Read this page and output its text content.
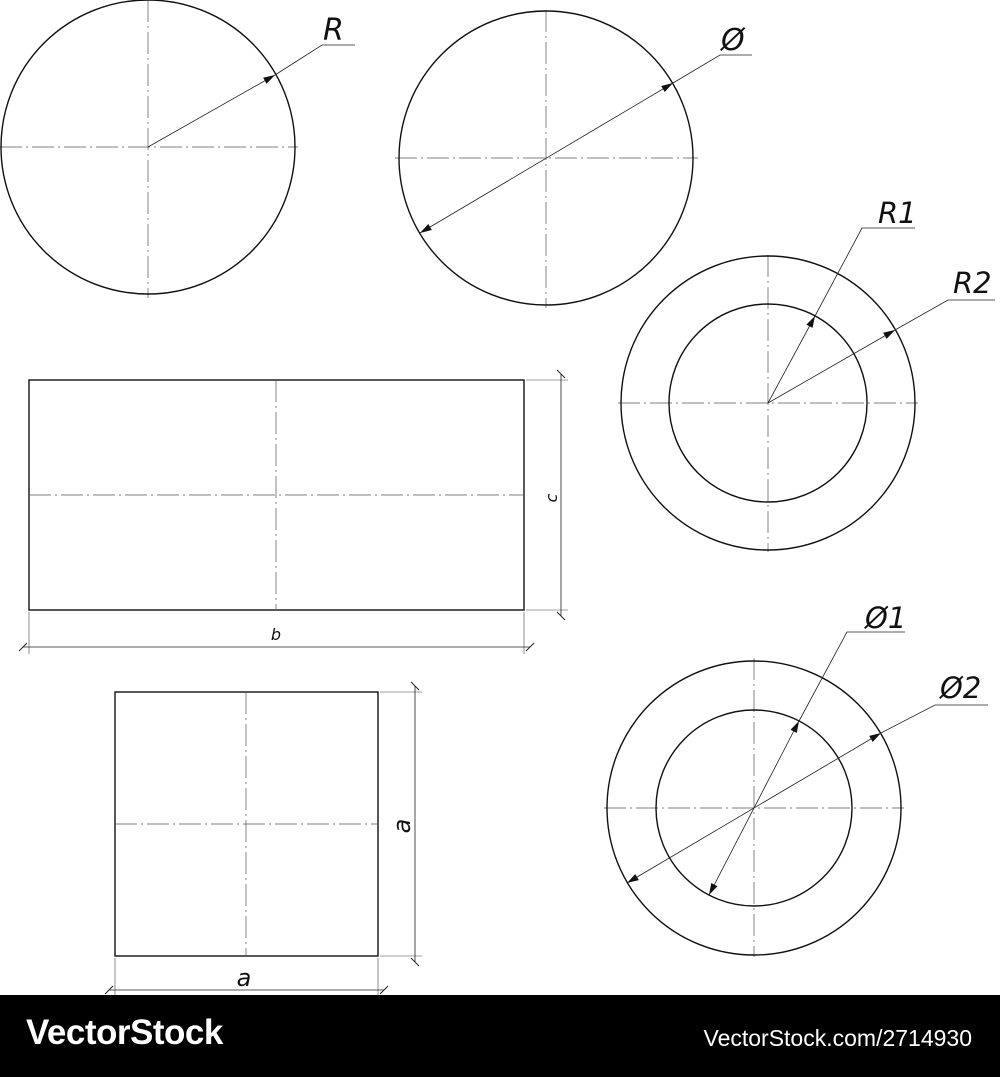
R	Ø
R1
R2
c
b
a
a
Ø1
Ø2
VectorStock	VectorStock.com/2714930
